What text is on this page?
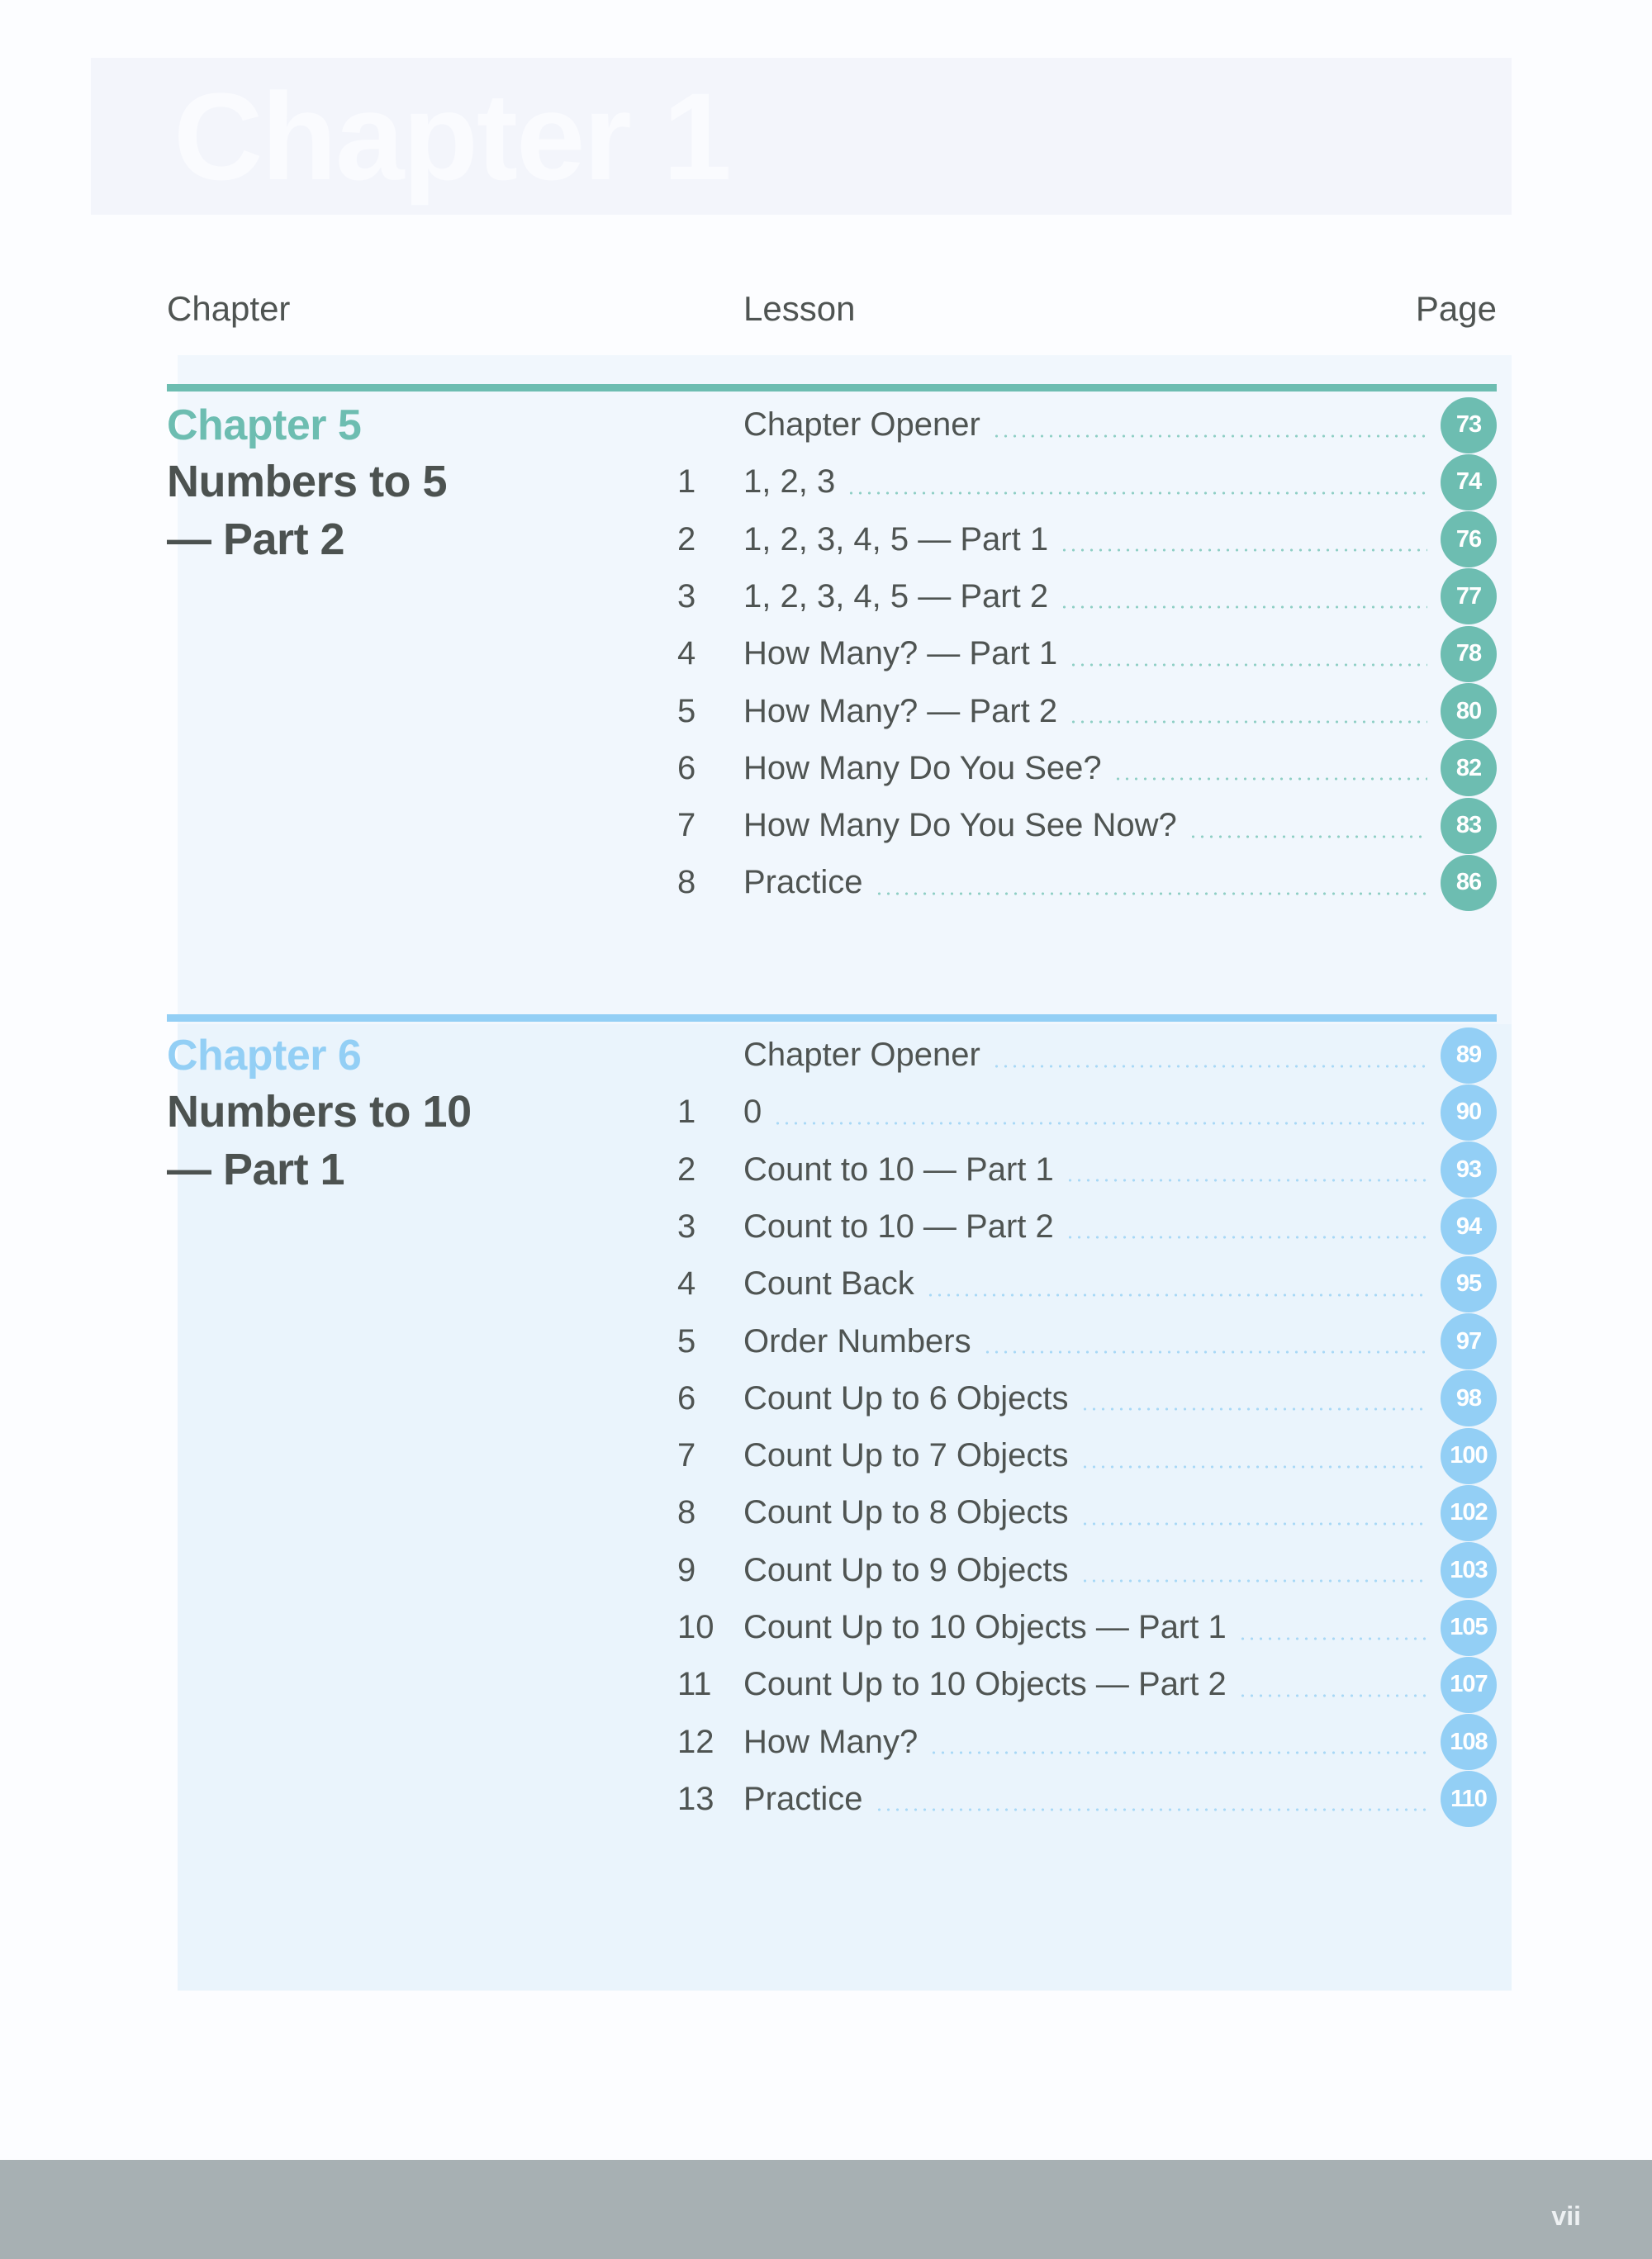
Chapter 1
Chapter	Lesson	Page
Chapter 5
Numbers to 5
— Part 2
Chapter Opener	73
1	1, 2, 3	74
2	1, 2, 3, 4, 5 — Part 1	76
3	1, 2, 3, 4, 5 — Part 2	77
4	How Many? — Part 1	78
5	How Many? — Part 2	80
6	How Many Do You See?	82
7	How Many Do You See Now?	83
8	Practice	86
Chapter 6
Numbers to 10
— Part 1
Chapter Opener	89
1	0	90
2	Count to 10 — Part 1	93
3	Count to 10 — Part 2	94
4	Count Back	95
5	Order Numbers	97
6	Count Up to 6 Objects	98
7	Count Up to 7 Objects	100
8	Count Up to 8 Objects	102
9	Count Up to 9 Objects	103
10 Count Up to 10 Objects — Part 1	105
11 Count Up to 10 Objects — Part 2	107
12 How Many?	108
13 Practice	110
vii
